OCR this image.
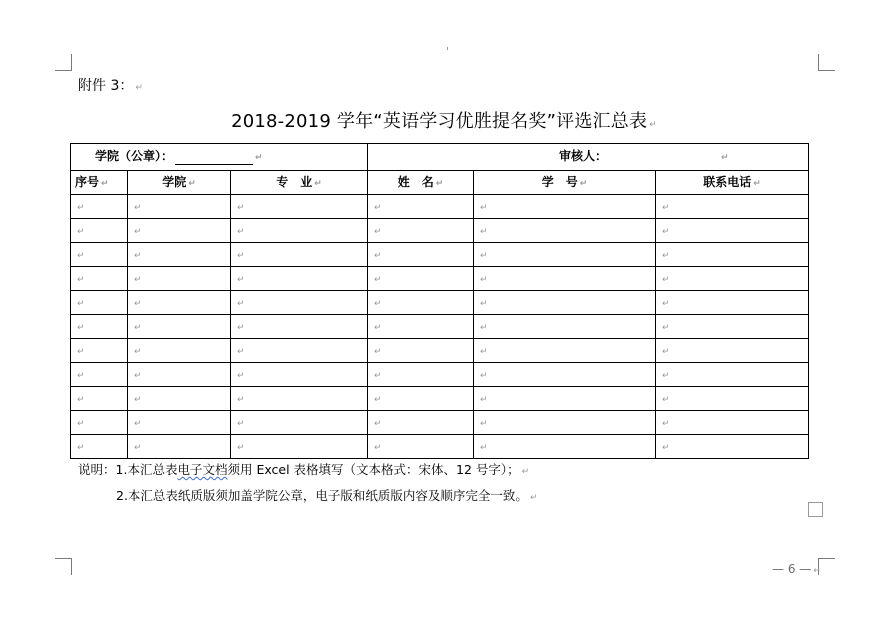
附件 3： ↵
2018-2019 学年“英语学习优胜提名奖”评选汇总表 ↵
学院（公章）： ↵			审核人： ↵		
序号 ↵	学院 ↵	专　业 ↵	姓　名 ↵	学　号 ↵	联系电话 ↵
↵	↵	↵	↵	↵	↵
↵	↵	↵	↵	↵	↵
↵	↵	↵	↵	↵	↵
↵	↵	↵	↵	↵	↵
↵	↵	↵	↵	↵	↵
↵	↵	↵	↵	↵	↵
↵	↵	↵	↵	↵	↵
↵	↵	↵	↵	↵	↵
↵	↵	↵	↵	↵	↵
↵	↵	↵	↵	↵	↵
↵	↵	↵	↵	↵	↵
说明：1.本汇总表电子文档须用 Excel 表格填写（文本格式：宋体、12 号字）； ↵
2.本汇总表纸质版须加盖学院公章，电子版和纸质版内容及顺序完全一致。 ↵
— 6 — ↵
